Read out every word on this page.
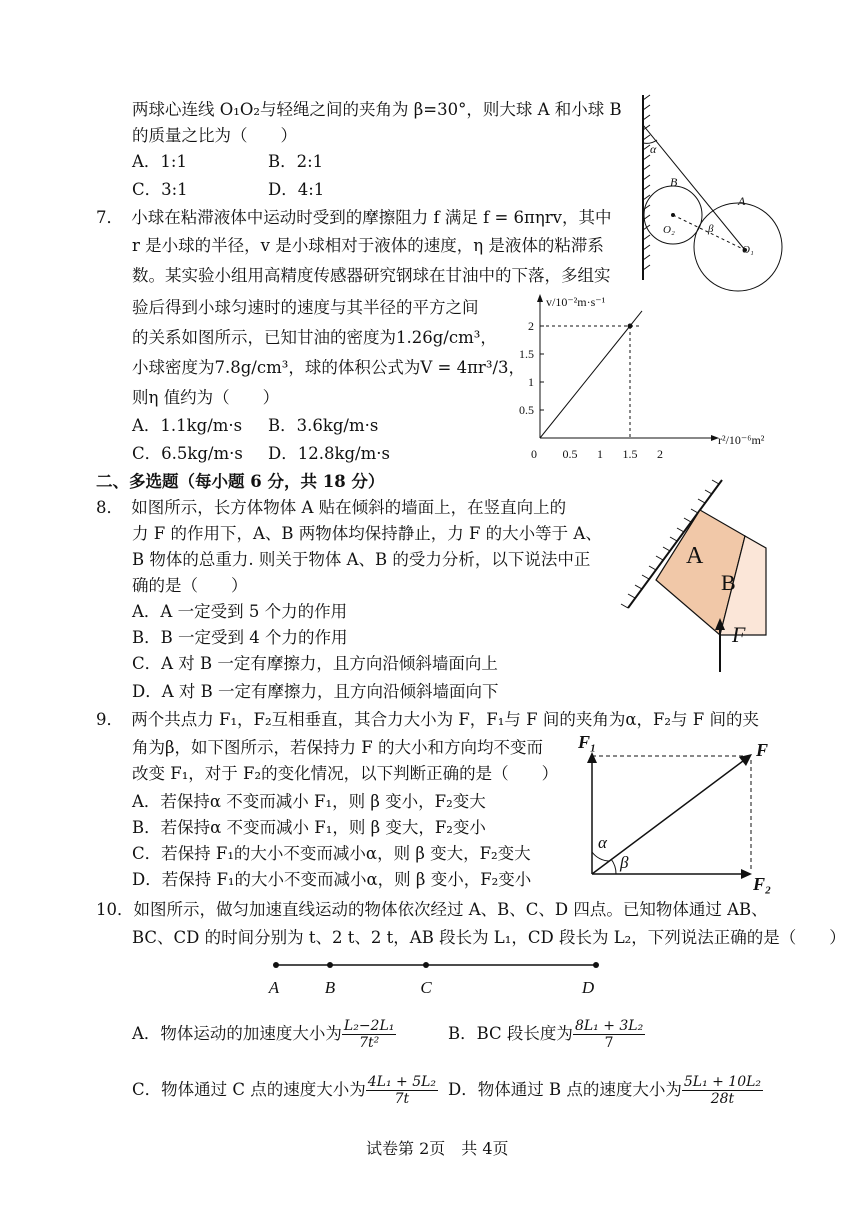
两球心连线 O₁O₂与轻绳之间的夹角为 β=30°，则大球 A 和小球 B
的质量之比为（　　）
A．1:1	B．2:1
C．3:1	D．4:1
α
B
A
O₂
O₁
β
7．　小球在粘滞液体中运动时受到的摩擦阻力 f 满足 f = 6πηrv，其中
r 是小球的半径，v 是小球相对于液体的速度，η 是液体的粘滞系
数。某实验小组用高精度传感器研究钢球在甘油中的下落，多组实
验后得到小球匀速时的速度与其半径的平方之间
的关系如图所示，已知甘油的密度为1.26g/cm³，
小球密度为7.8g/cm³，球的体积公式为V = 4πr³/3，
则η 值约为（　　）
A．1.1kg/m·s B．3.6kg/m·s
C．6.5kg/m·s D．12.8kg/m·s
v/10⁻²m·s⁻¹
r²/10⁻⁶m²
0 0.5 1 1.5 2
0.5
1
1.5
2
二、多选题（每小题 6 分，共 18 分）
8．　如图所示，长方体物体 A 贴在倾斜的墙面上，在竖直向上的
力 F 的作用下，A、B 两物体均保持静止，力 F 的大小等于 A、
B 物体的总重力. 则关于物体 A、B 的受力分析，以下说法中正
确的是（　　）
A．A 一定受到 5 个力的作用
B．B 一定受到 4 个力的作用
C．A 对 B 一定有摩擦力，且方向沿倾斜墙面向上
D．A 对 B 一定有摩擦力，且方向沿倾斜墙面向下
A
B
F
9．　两个共点力 F₁，F₂互相垂直，其合力大小为 F，F₁与 F 间的夹角为α，F₂与 F 间的夹
角为β，如下图所示，若保持力 F 的大小和方向均不变而
改变 F₁，对于 F₂的变化情况，以下判断正确的是（　　）
A．若保持α 不变而减小 F₁，则 β 变小，F₂变大
B．若保持α 不变而减小 F₁，则 β 变大，F₂变小
C．若保持 F₁的大小不变而减小α，则 β 变大，F₂变大
D．若保持 F₁的大小不变而减小α，则 β 变小，F₂变小
F₁	F
F₂
α
β
10．如图所示，做匀加速直线运动的物体依次经过 A、B、C、D 四点。已知物体通过 AB、
BC、CD 的时间分别为 t、2 t、2 t，AB 段长为 L₁，CD 段长为 L₂，下列说法正确的是（　　）
A	B	C	D
A．物体运动的加速度大小为 $\frac{\text{L₂−2L₁}}{\text{7t²}}$	B．BC 段长度为 $\frac{\text{8L₁ + 3L₂}}{7}$
C．物体通过 C 点的速度大小为 $\frac{\text{4L₁ + 5L₂}}{7t}$ D．物体通过 B 点的速度大小为 $\frac{\text{5L₁ + 10L₂}}{28t}$
试卷第 2页　共 4页
